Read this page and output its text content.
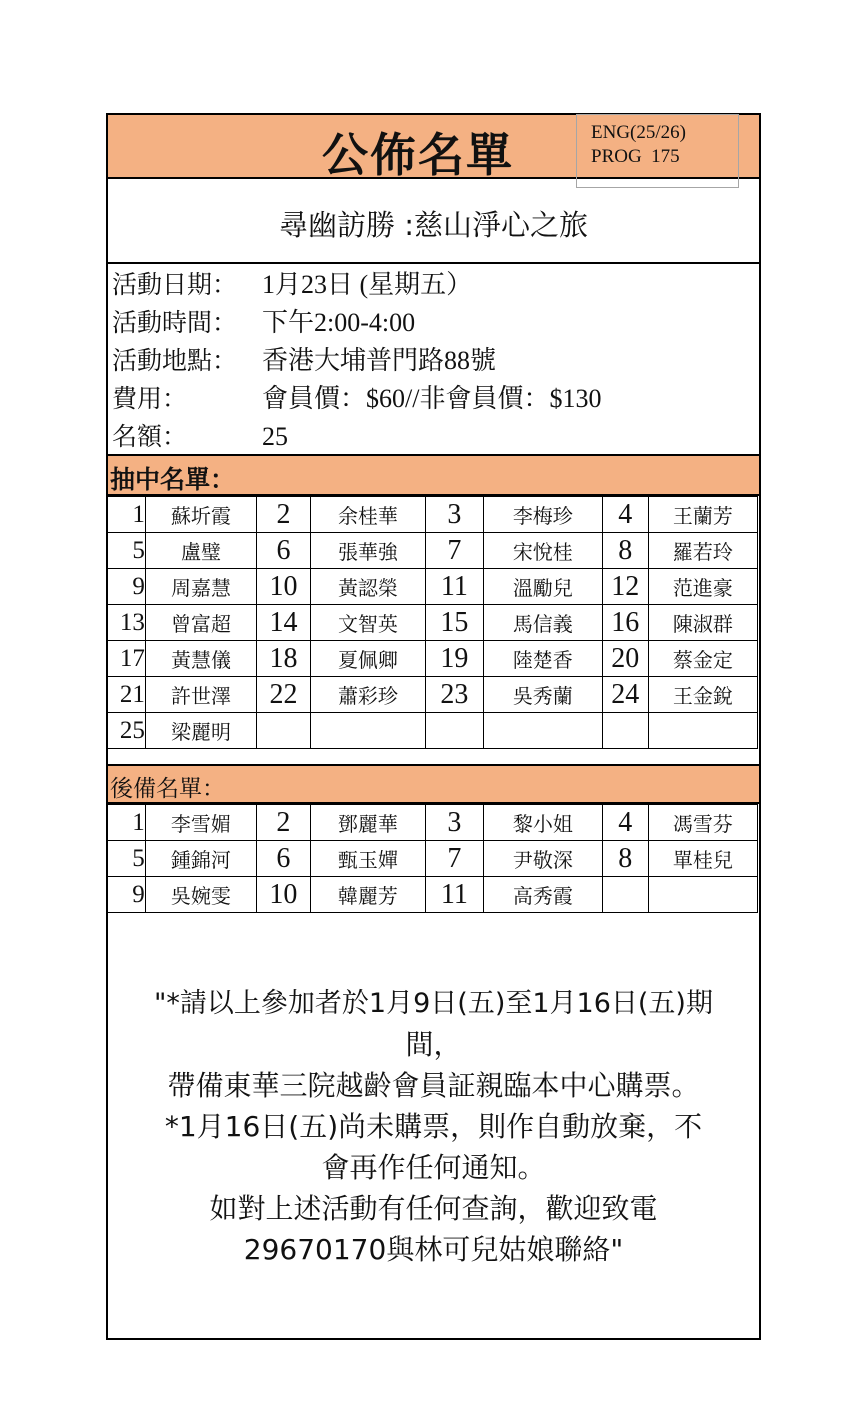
公佈名單	ENG(25/26)
PROG  175
尋幽訪勝 :慈山淨心之旅
活動日期： 1月23日 (星期五）
活動時間： 下午2:00-4:00
活動地點： 香港大埔普門路88號
費用：	會員價：$60//非會員價：$130
名額：	25
抽中名單：
1	蘇圻霞	2	余桂華	3	李梅珍	4	王蘭芳
5	盧璧	6	張華強	7	宋悅桂	8	羅若玲
9	周嘉慧	10	黃認榮	11	溫勵兒	12	范進豪
13	曾富超	14	文智英	15	馬信義	16	陳淑群
17	黃慧儀	18	夏佩卿	19	陸楚香	20	蔡金定
21	許世澤	22	蕭彩珍	23	吳秀蘭	24	王金銳
25	梁麗明						
後備名單：
1	李雪媚	2	鄧麗華	3	黎小姐	4	馮雪芬
5	鍾錦河	6	甄玉嬋	7	尹敬深	8	單桂兒
9	吳婉雯	10	韓麗芳	11	高秀霞		
"*請以上參加者於1月9日(五)至1月16日(五)期
間，
帶備東華三院越齡會員証親臨本中心購票。
*1月16日(五)尚未購票，則作自動放棄，不
會再作任何通知。
如對上述活動有任何查詢，歡迎致電
29670170與林可兒姑娘聯絡"
